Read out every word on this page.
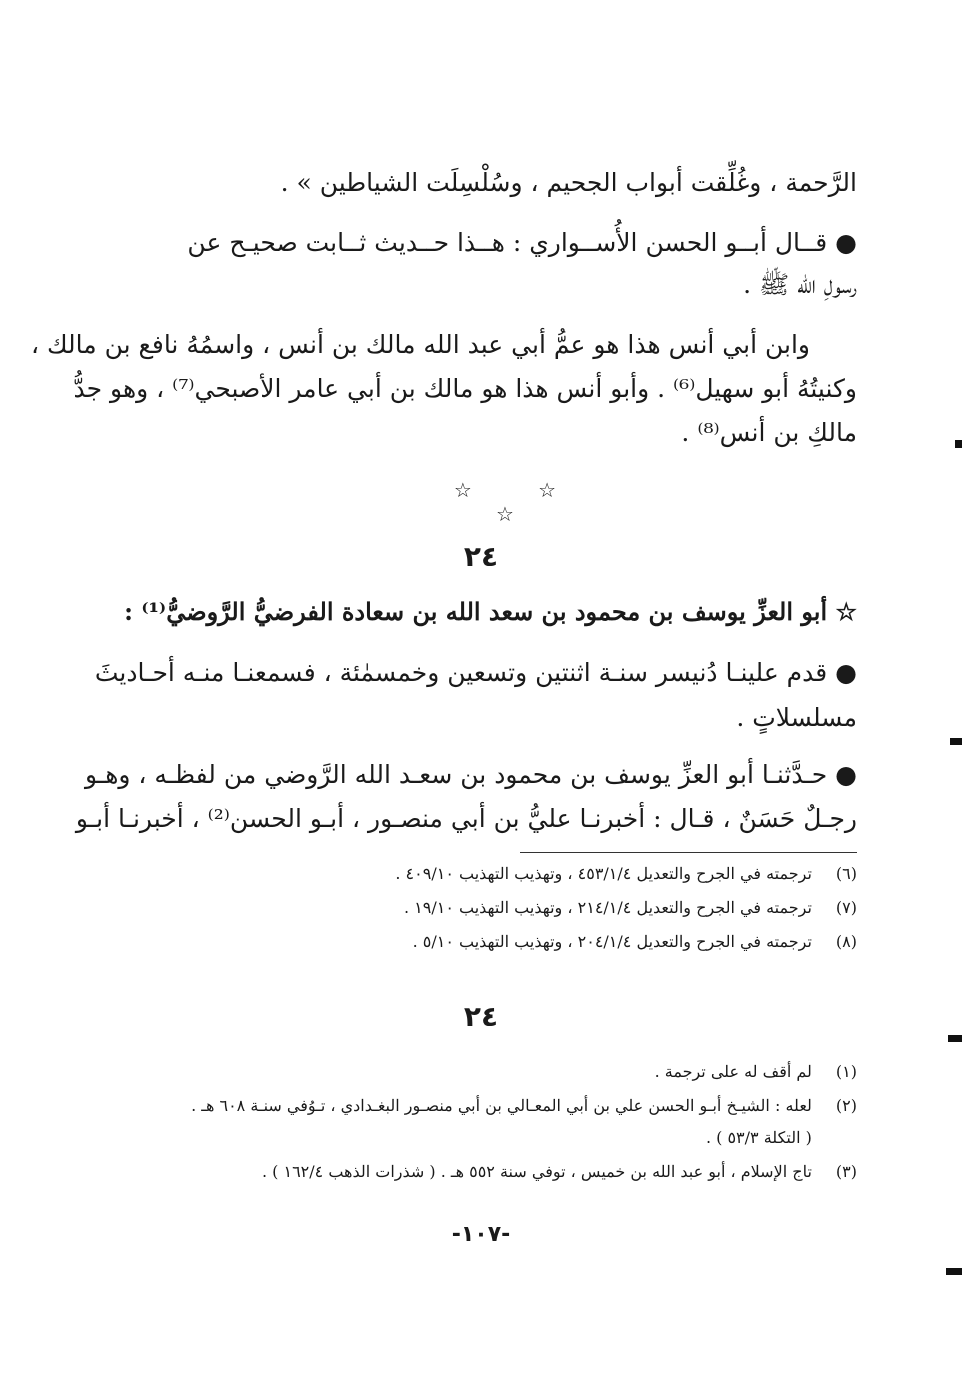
الرَّحمة ، وغُلِّقت أبواب الجحيم ، وسُلْسِلَت الشياطين » .
● قــال أبــو الحسن الأُســواري : هــذا حــديث ثــابت صحيـح عن
رسولِ الله ﷺ .
وابن أبي أنس هذا هو عمُّ أبي عبد الله مالك بن أنس ، واسمُهُ نافع بن مالك ،
وكنيتُهُ أبو سهيل⁽⁶⁾ . وأبو أنس هذا هو مالك بن أبي عامر الأصبحي⁽⁷⁾ ، وهو جدُّ
مالكِ بن أنس⁽⁸⁾ .
☆ ☆ ☆
٢٤
☆ أبو العزِّ يوسف بن محمود بن سعد الله بن سعادة الفرضيُّ الرَّوضيُّ⁽¹⁾ :
● قدم علينـا دُنيسر سنـة اثنتين وتسعين وخمسمٰئة ، فسمعنـا منـه أحـاديثَ
مسلسلاتٍ .
● حـدَّثنـا أبو العزِّ يوسف بن محمود بن سعـد الله الرَّوضي من لفظـه ، وهـو
رجـلٌ حَسَنٌ ، قـال : أخبرنـا عليُّ بن أبي منصـور ، أبـو الحسن⁽²⁾ ، أخبرنـا أبـو
(٦) ترجمته في الجرح والتعديل ٤٥٣/١/٤ ، وتهذيب التهذيب ٤٠٩/١٠ .
(٧) ترجمته في الجرح والتعديل ٢١٤/١/٤ ، وتهذيب التهذيب ١٩/١٠ .
(٨) ترجمته في الجرح والتعديل ٢٠٤/١/٤ ، وتهذيب التهذيب ٥/١٠ .
٢٤
(١) لم أقف له على ترجمة .
(٢) لعله : الشيـخ أبـو الحسن علي بن أبي المعـالي بن أبي منصـور البغـدادي ، تـوُفي سنـة ٦٠٨ هـ .
( التكلة ٥٣/٣ ) .
(٣) تاج الإسلام ، أبو عبد الله بن خميس ، توفي سنة ٥٥٢ هـ . ( شذرات الذهب ١٦٢/٤ ) .
-١٠٧-
